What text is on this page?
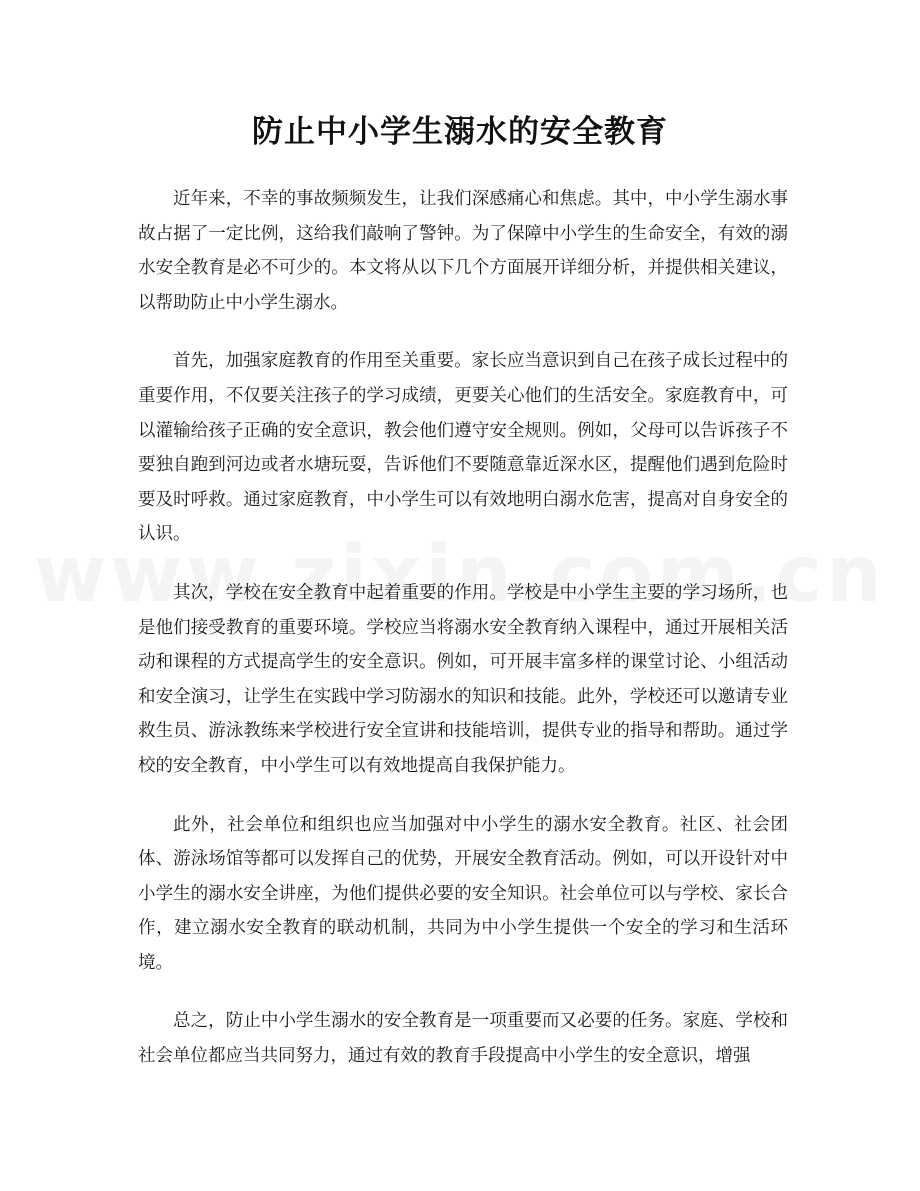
防止中小学生溺水的安全教育

近年来，不幸的事故频频发生，让我们深感痛心和焦虑。其中，中小学生溺水事故占据了一定比例，这给我们敲响了警钟。为了保障中小学生的生命安全，有效的溺水安全教育是必不可少的。本文将从以下几个方面展开详细分析，并提供相关建议，以帮助防止中小学生溺水。

首先，加强家庭教育的作用至关重要。家长应当意识到自己在孩子成长过程中的重要作用，不仅要关注孩子的学习成绩，更要关心他们的生活安全。家庭教育中，可以灌输给孩子正确的安全意识，教会他们遵守安全规则。例如，父母可以告诉孩子不要独自跑到河边或者水塘玩耍，告诉他们不要随意靠近深水区，提醒他们遇到危险时要及时呼救。通过家庭教育，中小学生可以有效地明白溺水危害，提高对自身安全的认识。

其次，学校在安全教育中起着重要的作用。学校是中小学生主要的学习场所，也是他们接受教育的重要环境。学校应当将溺水安全教育纳入课程中，通过开展相关活动和课程的方式提高学生的安全意识。例如，可开展丰富多样的课堂讨论、小组活动和安全演习，让学生在实践中学习防溺水的知识和技能。此外，学校还可以邀请专业救生员、游泳教练来学校进行安全宣讲和技能培训，提供专业的指导和帮助。通过学校的安全教育，中小学生可以有效地提高自我保护能力。

此外，社会单位和组织也应当加强对中小学生的溺水安全教育。社区、社会团体、游泳场馆等都可以发挥自己的优势，开展安全教育活动。例如，可以开设针对中小学生的溺水安全讲座，为他们提供必要的安全知识。社会单位可以与学校、家长合作，建立溺水安全教育的联动机制，共同为中小学生提供一个安全的学习和生活环境。

总之，防止中小学生溺水的安全教育是一项重要而又必要的任务。家庭、学校和社会单位都应当共同努力，通过有效的教育手段提高中小学生的安全意识，增强
